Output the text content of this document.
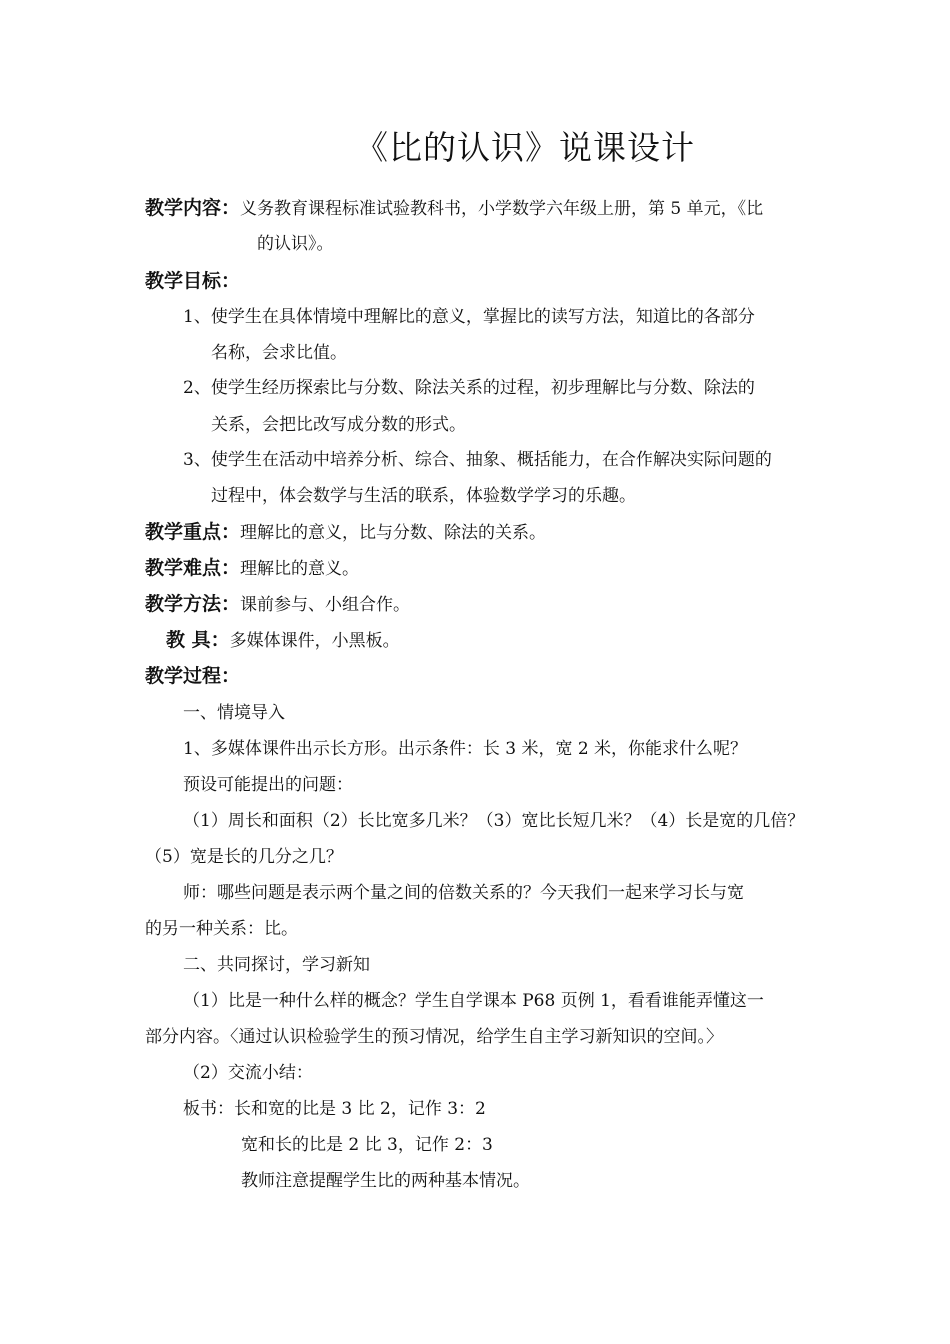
《比的认识》说课设计
教学内容：义务教育课程标准试验教科书，小学数学六年级上册，第 5 单元，《比
的认识》。
教学目标：
1、使学生在具体情境中理解比的意义，掌握比的读写方法，知道比的各部分
名称，会求比值。
2、使学生经历探索比与分数、除法关系的过程，初步理解比与分数、除法的
关系，会把比改写成分数的形式。
3、使学生在活动中培养分析、综合、抽象、概括能力，在合作解决实际问题的
过程中，体会数学与生活的联系，体验数学学习的乐趣。
教学重点：理解比的意义，比与分数、除法的关系。
教学难点：理解比的意义。
教学方法：课前参与、小组合作。
教 具：多媒体课件，小黑板。
教学过程：
一、情境导入
1、多媒体课件出示长方形。出示条件：长 3 米，宽 2 米，你能求什么呢？
预设可能提出的问题：
（1）周长和面积（2）长比宽多几米？（3）宽比长短几米？（4）长是宽的几倍？
（5）宽是长的几分之几？
师：哪些问题是表示两个量之间的倍数关系的？今天我们一起来学习长与宽
的另一种关系：比。
二、共同探讨，学习新知
（1）比是一种什么样的概念？学生自学课本 P68 页例 1，看看谁能弄懂这一
部分内容。〈通过认识检验学生的预习情况，给学生自主学习新知识的空间。〉
（2）交流小结：
板书：长和宽的比是 3 比 2，记作 3：2
宽和长的比是 2 比 3，记作 2：3
教师注意提醒学生比的两种基本情况。
